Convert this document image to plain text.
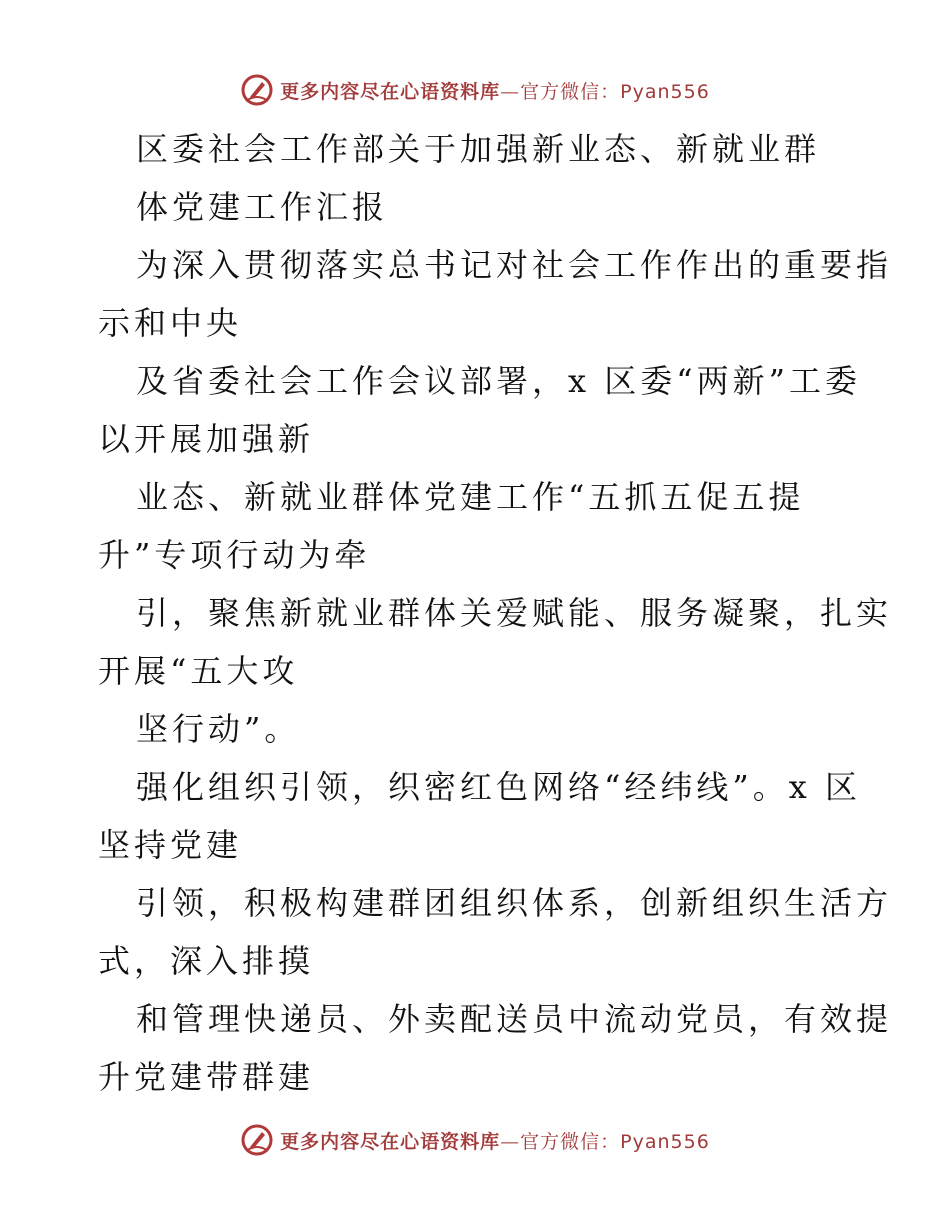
更多内容尽在心语资料库—官方微信：Pyan556
区委社会工作部关于加强新业态、新就业群
体党建工作汇报
为深入贯彻落实总书记对社会工作作出的重要指
示和中央
及省委社会工作会议部署，x 区委“两新”工委
以开展加强新
业态、新就业群体党建工作“五抓五促五提
升”专项行动为牵
引，聚焦新就业群体关爱赋能、服务凝聚，扎实
开展“五大攻
坚行动”。
强化组织引领，织密红色网络“经纬线”。x 区
坚持党建
引领，积极构建群团组织体系，创新组织生活方
式，深入排摸
和管理快递员、外卖配送员中流动党员，有效提
升党建带群建
更多内容尽在心语资料库—官方微信：Pyan556
